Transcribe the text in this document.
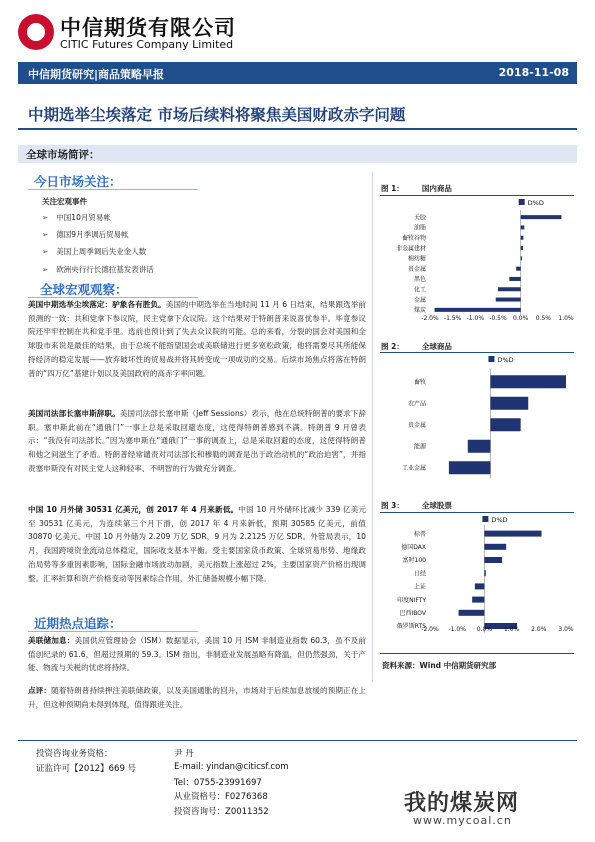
中信期货有限公司
CITIC Futures Company Limited
中信期货研究|商品策略早报	2018-11-08
中期选举尘埃落定 市场后续料将聚焦美国财政赤字问题
全球市场简评：
今日市场关注：
关注宏观事件
➢ 中国10月贸易帐
➢ 德国9月季调后贸易帐
➢ 美国上周季调后失业金人数
➢ 欧洲央行行长德拉基发表讲话
全球宏观观察：
美国中期选举尘埃落定：驴象各有胜负。美国的中期选举在当地时间 11 月 6 日结束，结果跟选举前预测的一致：共和党拿下参议院，民主党拿下众议院。这个结果对于特朗普来说喜忧参半。毕竟参议院还牢牢控制在共和党手里。选前也预计到了失去众议院的可能。总的来看，分裂的国会对美国和全球股市来说是最佳的结果，由于总统不能指望国会或美联储进行更多宽松政策，他将需要尽其所能保持经济的稳定发展——放弃破坏性的贸易战并将其转变成一项成功的交易。后续市场焦点将落在特朗普的“四万亿”基建计划以及美国政府的高赤字率问题。
美国司法部长塞申斯辞职。美国司法部长塞申斯（Jeff Sessions）表示，他在总统特朗普的要求下辞职。塞申斯此前在“通俄门”一事上总是采取回避态度，这使得特朗普感到不满。特朗普 9 月曾表示：“我没有司法部长。”因为塞申斯在“通俄门”一事的调查上，总是采取回避的态度，这使得特朗普和他之间滋生了矛盾。特朗普经常谴责对司法部长和穆勒的调查是出于政治动机的“政治迫害”，并指责塞申斯没有对民主党人这种轻率、不明智的行为做充分调查。
中国 10 月外储 30531 亿美元，创 2017 年 4 月来新低。中国 10 月外储环比减少 339 亿美元至 30531 亿美元，为连续第三个月下滑，创 2017 年 4 月来新低，预期 30585 亿美元，前值 30870 亿美元。中国 10 月外储为 2.209 万亿 SDR，9 月为 2.2125 万亿 SDR。外管局表示，10 月，我国跨境资金流动总体稳定，国际收支基本平衡。受主要国家货币政策、全球贸易形势、地缘政治局势等多重因素影响，国际金融市场波动加剧，美元指数上涨超过 2%，主要国家资产价格出现调整。汇率折算和资产价格变动等因素综合作用，外汇储备规模小幅下降。
近期热点追踪：
美联储加息：美国供应管理协会（ISM）数据显示，美国 10 月 ISM 非制造业指数 60.3，虽不及前值创纪录的 61.6，但超过预期的 59.3。ISM 指出，非制造业发展虽略有降温，但仍然强劲，关于产能、物流与关税的忧虑将持续。
点评：随着特朗普持续押注美联储政策，以及美国通胀的回升，市场对于后续加息放缓的预期正在上升，但这种预期尚未得到体现，值得跟进关注。
图 1： 国内商品
D%D
天胶
油脂
畜牧谷物
非金属建材
棉纺糖
贵金属
黑色
化工
金属
煤炭
-2.0% -1.5% -1.0% -0.5% 0.0% 0.5% 1.0%
图 2： 全球商品
D%D
畜牧
农产品
贵金属
能源
工业金属
图 3： 全球股票
D%D
标普
德国DAX
富时100
日经
上证
印度NIFTY
巴西IBOV
俄罗斯RTS
-2.0% -1.0% 0.0% 1.0% 2.0% 3.0%
资料来源：Wind 中信期货研究部
投资咨询业务资格：
证监许可【2012】669 号
尹 丹
E-mail: yindan@citicsf.com
Tel：0755-23991697
从业资格号：F0276368
投资咨询号：Z0011352	我的煤炭网
www.mycoal.cn
